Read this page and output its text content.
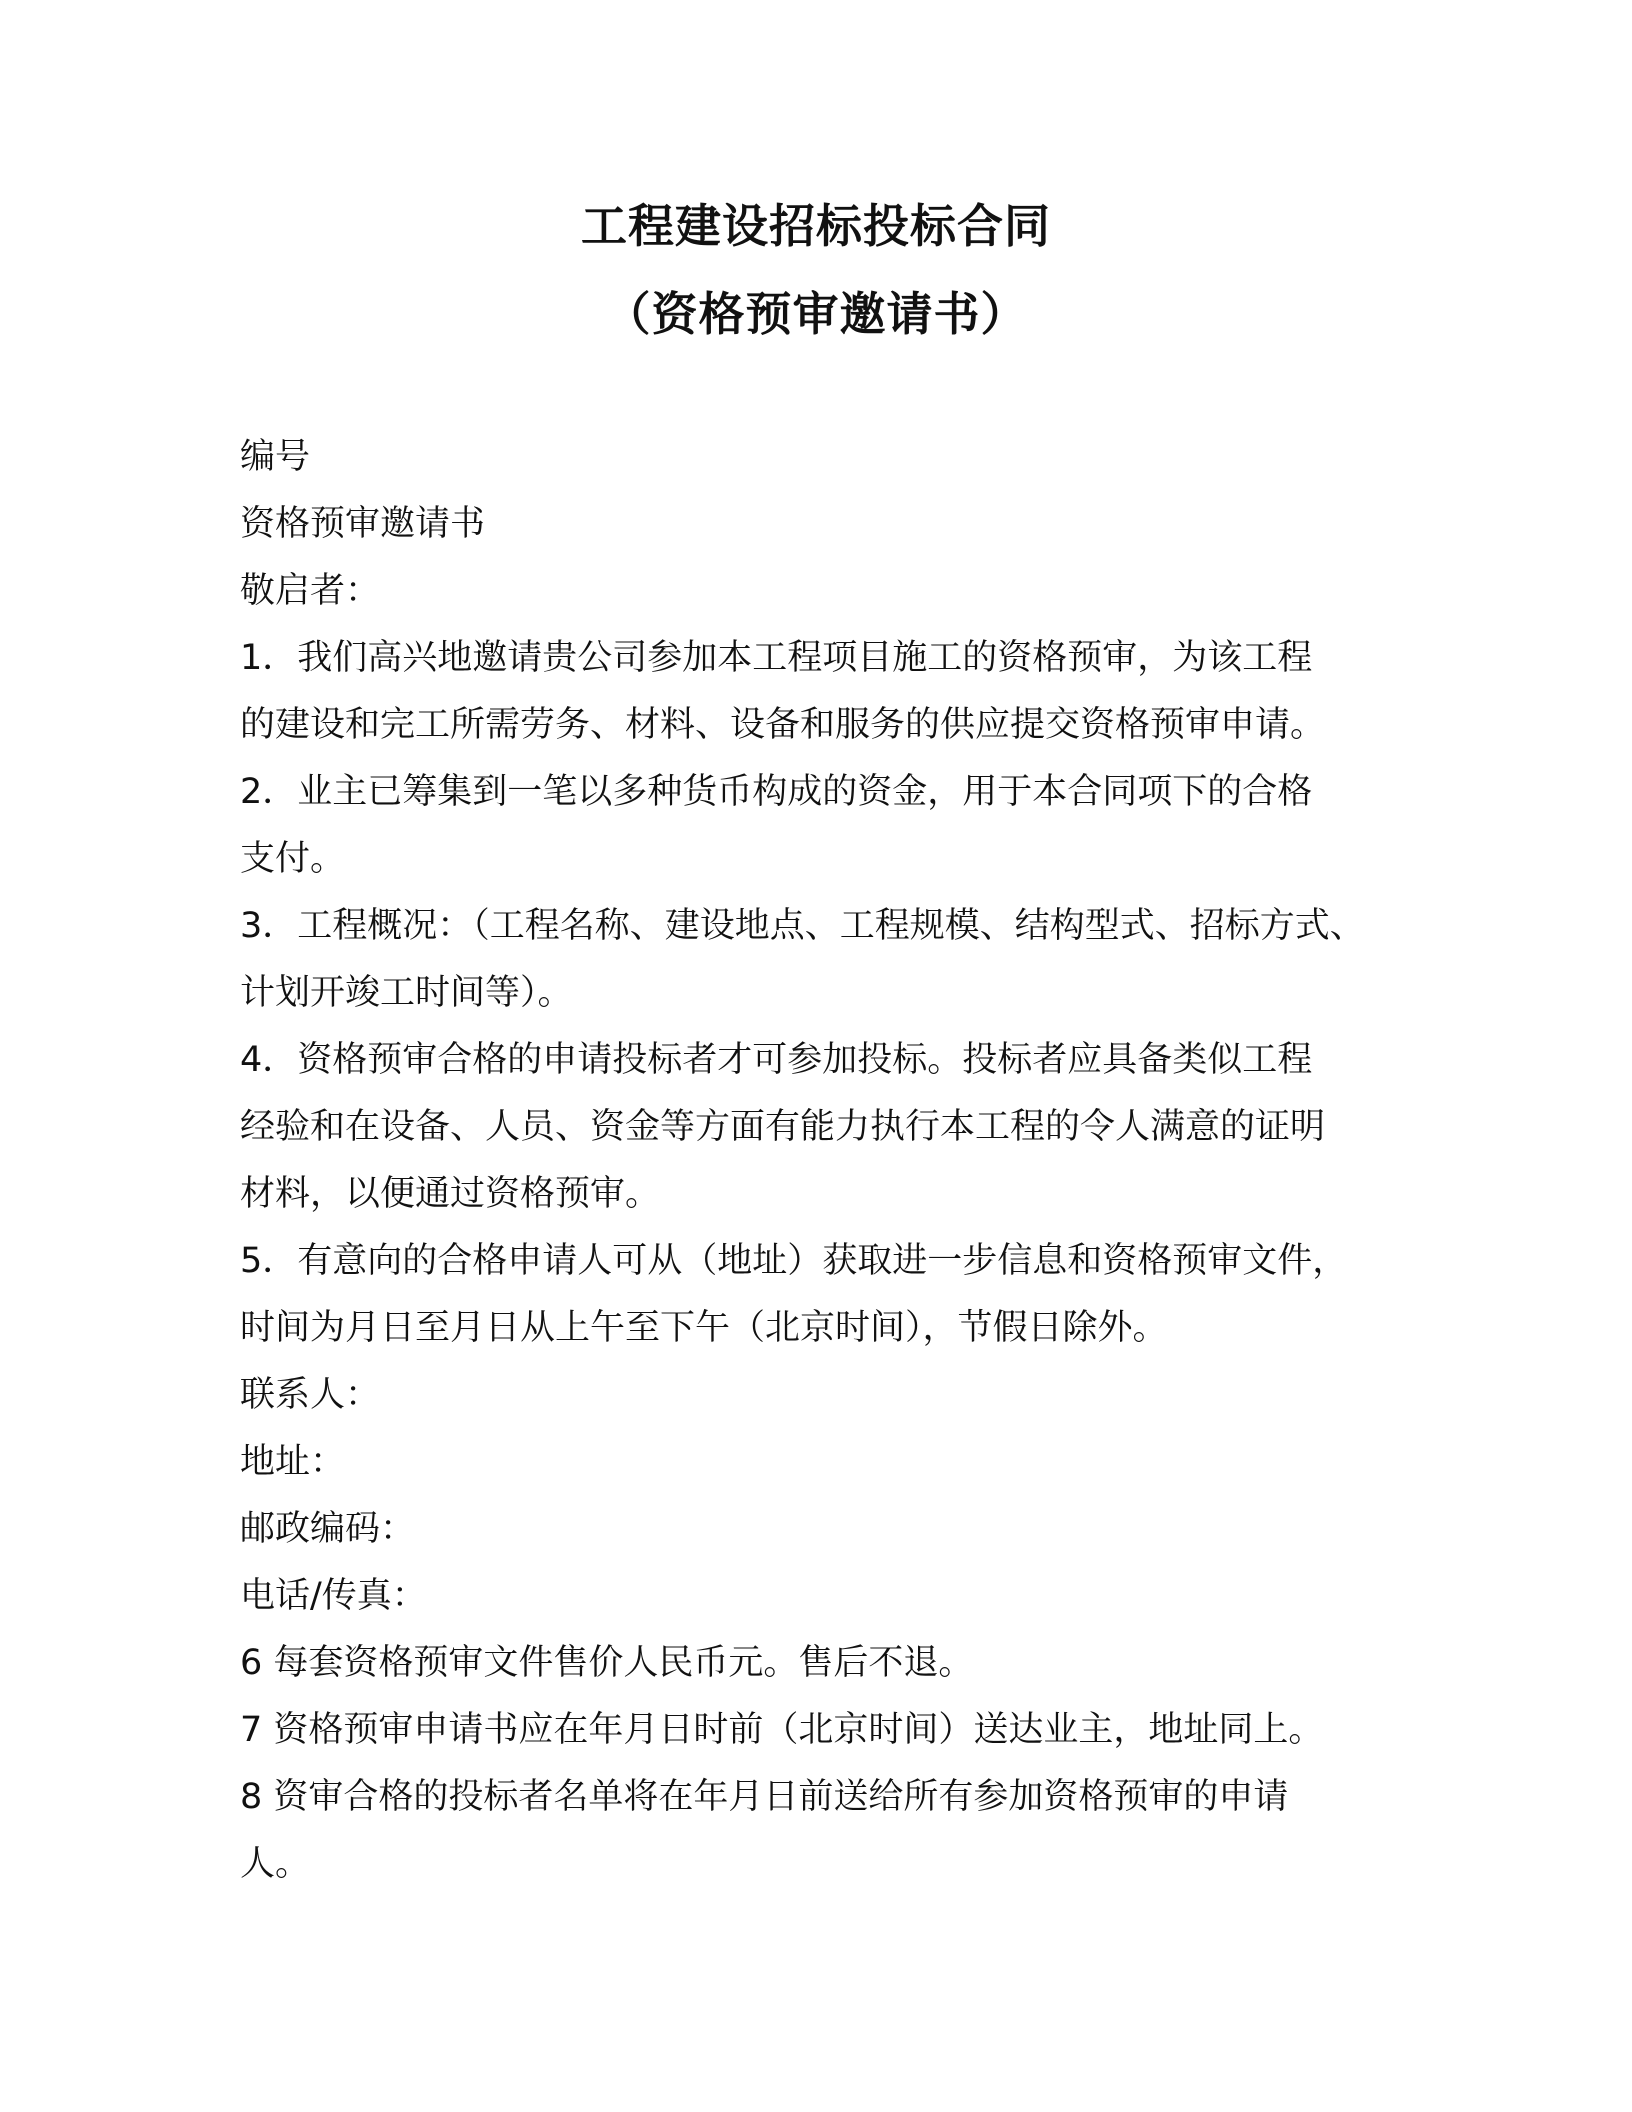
工程建设招标投标合同
（资格预审邀请书）
编号
资格预审邀请书
敬启者：
1．我们高兴地邀请贵公司参加本工程项目施工的资格预审，为该工程
的建设和完工所需劳务、材料、设备和服务的供应提交资格预审申请。
2．业主已筹集到一笔以多种货币构成的资金，用于本合同项下的合格
支付。
3．工程概况：（工程名称、建设地点、工程规模、结构型式、招标方式、
计划开竣工时间等）。
4．资格预审合格的申请投标者才可参加投标。投标者应具备类似工程
经验和在设备、人员、资金等方面有能力执行本工程的令人满意的证明
材料，以便通过资格预审。
5．有意向的合格申请人可从（地址）获取进一步信息和资格预审文件，
时间为月日至月日从上午至下午（北京时间），节假日除外。
联系人：
地址：
邮政编码：
电话/传真：
6 每套资格预审文件售价人民币元。售后不退。
7 资格预审申请书应在年月日时前（北京时间）送达业主，地址同上。
8 资审合格的投标者名单将在年月日前送给所有参加资格预审的申请
人。
